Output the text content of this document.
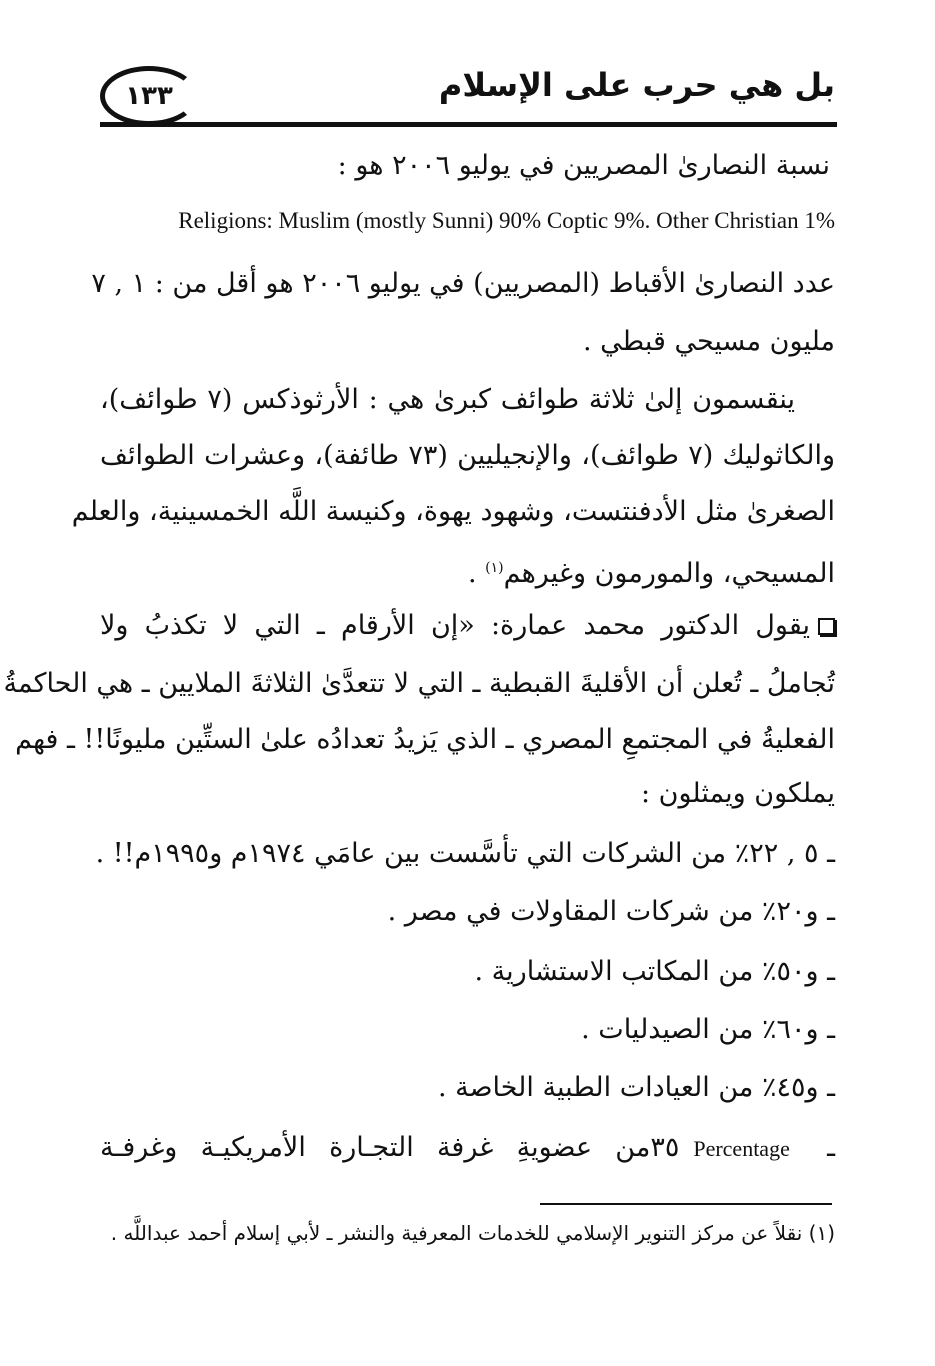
بل هي حرب على الإسلام
١٣٣
نسبة النصارىٰ المصريين في يوليو ٢٠٠٦ هو :
Religions: Muslim (mostly Sunni) 90% Coptic 9%. Other Christian 1%
عدد النصارىٰ الأقباط (المصريين) في يوليو ٢٠٠٦ هو أقل من : ١ , ٧
مليون مسيحي قبطي .
ينقسمون إلىٰ ثلاثة طوائف كبرىٰ هي : الأرثوذكس (٧ طوائف)،
والكاثوليك (٧ طوائف)، والإنجيليين (٧٣ طائفة)، وعشرات الطوائف
الصغرىٰ مثل الأدفنتست، وشهود يهوة، وكنيسة اللَّه الخمسينية، والعلم
المسيحي، والمورمون وغيرهم$^{(١)}$ .
يقول الدكتور محمد عمارة: «إن الأرقام ـ التي لا تكذبُ ولا
تُجاملُ ـ تُعلن أن الأقليةَ القبطية ـ التي لا تتعدَّىٰ الثلاثةَ الملايين ـ هي الحاكمةُ
الفعليةُ في المجتمعِ المصري ـ الذي يَزيدُ تعدادُه علىٰ الستِّين مليونًا!! ـ فهم
يملكون ويمثلون :
ـ ٥ , ٢٢٪ من الشركات التي تأسَّست بين عامَي ١٩٧٤م و١٩٩٥م!! .
ـ و٢٠٪ من شركات المقاولات في مصر .
ـ و٥٠٪ من المكاتب الاستشارية .
ـ و٦٠٪ من الصيدليات .
ـ و٤٥٪ من العيادات الطبية الخاصة .
ـ ٣٥Percentageمن عضويةِ غرفة التجـارة الأمريكيـة وغرفـة
(١) نقلاً عن مركز التنوير الإسلامي للخدمات المعرفية والنشر ـ لأبي إسلام أحمد عبداللَّه .
